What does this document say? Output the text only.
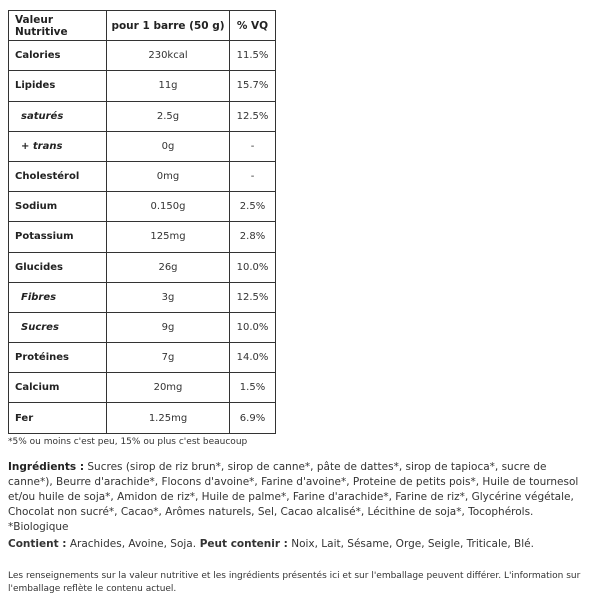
Valeur Nutritive	pour 1 barre (50 g)	% VQ
Calories	230kcal	11.5%
Lipides	11g	15.7%
saturés	2.5g	12.5%
+ trans	0g	-
Cholestérol	0mg	-
Sodium	0.150g	2.5%
Potassium	125mg	2.8%
Glucides	26g	10.0%
Fibres	3g	12.5%
Sucres	9g	10.0%
Protéines	7g	14.0%
Calcium	20mg	1.5%
Fer	1.25mg	6.9%
*5% ou moins c'est peu, 15% ou plus c'est beaucoup
Ingrédients : Sucres (sirop de riz brun*, sirop de canne*, pâte de dattes*, sirop de tapioca*, sucre de canne*), Beurre d'arachide*, Flocons d'avoine*, Farine d'avoine*, Proteine de petits pois*, Huile de tournesol et/ou huile de soja*, Amidon de riz*, Huile de palme*, Farine d'arachide*, Farine de riz*, Glycérine végétale, Chocolat non sucré*, Cacao*, Arômes naturels, Sel, Cacao alcalisé*, Lécithine de soja*, Tocophérols.
*Biologique
Contient : Arachides, Avoine, Soja. Peut contenir : Noix, Lait, Sésame, Orge, Seigle, Triticale, Blé.
Les renseignements sur la valeur nutritive et les ingrédients présentés ici et sur l'emballage peuvent différer. L'information sur l'emballage reflète le contenu actuel.
